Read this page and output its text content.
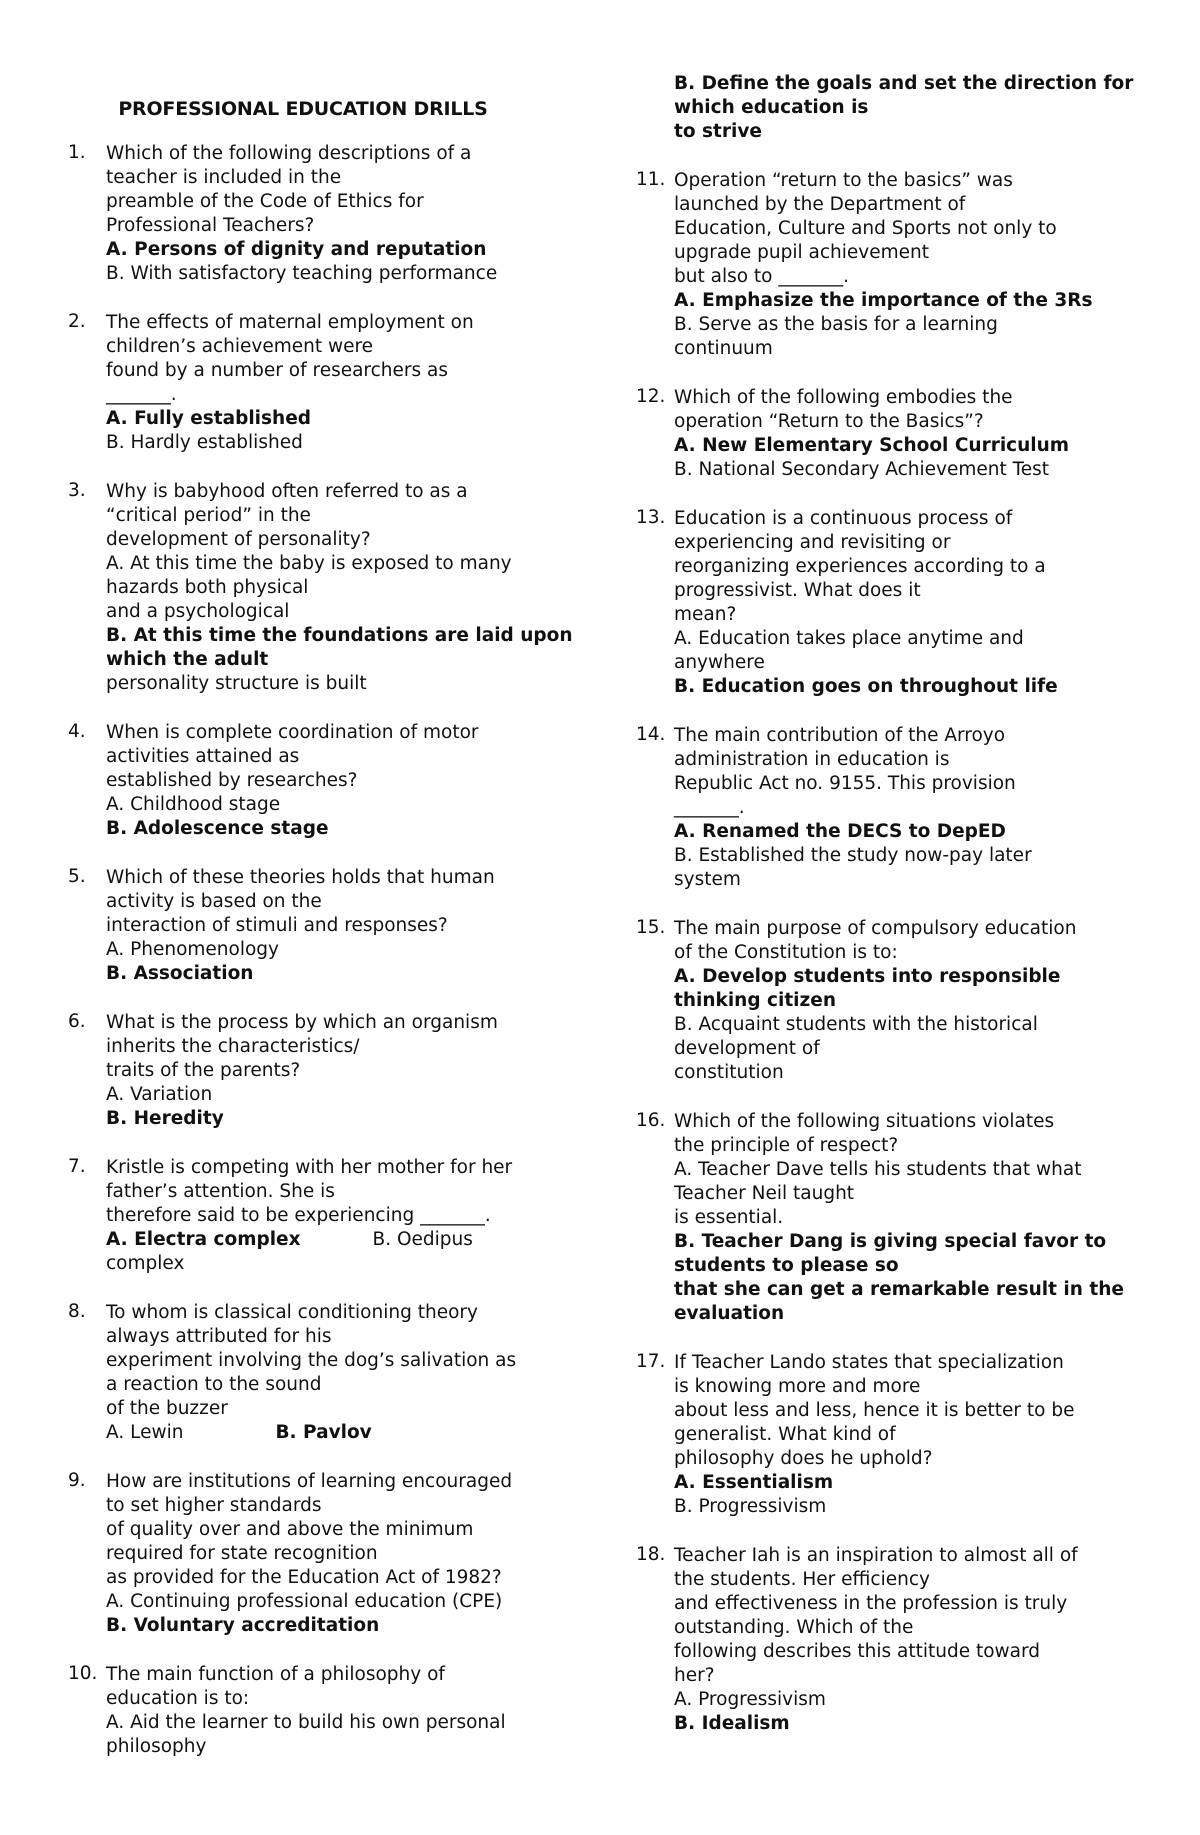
PROFESSIONAL EDUCATION DRILLS
1. Which of the following descriptions of a
teacher is included in the
preamble of the Code of Ethics for
Professional Teachers?
A. Persons of dignity and reputation
B. With satisfactory teaching performance
2. The effects of maternal employment on
children’s achievement were
found by a number of researchers as
_______.
A. Fully established
B. Hardly established
3. Why is babyhood often referred to as a
“critical period” in the
development of personality?
A. At this time the baby is exposed to many
hazards both physical
and a psychological
B. At this time the foundations are laid upon
which the adult
personality structure is built
4. When is complete coordination of motor
activities attained as
established by researches?
A. Childhood stage
B. Adolescence stage
5. Which of these theories holds that human
activity is based on the
interaction of stimuli and responses?
A. Phenomenology
B. Association
6. What is the process by which an organism
inherits the characteristics/
traits of the parents?
A. Variation
B. Heredity
7. Kristle is competing with her mother for her
father’s attention. She is
therefore said to be experiencing _______.
A. Electra complex	B. Oedipus
complex
8. To whom is classical conditioning theory
always attributed for his
experiment involving the dog’s salivation as
a reaction to the sound
of the buzzer
A. Lewin	B. Pavlov
9. How are institutions of learning encouraged
to set higher standards
of quality over and above the minimum
required for state recognition
as provided for the Education Act of 1982?
A. Continuing professional education (CPE)
B. Voluntary accreditation
10. The main function of a philosophy of
education is to:
A. Aid the learner to build his own personal
philosophy
B. Define the goals and set the direction for
which education is
to strive
11. Operation “return to the basics” was
launched by the Department of
Education, Culture and Sports not only to
upgrade pupil achievement
but also to _______.
A. Emphasize the importance of the 3Rs
B. Serve as the basis for a learning
continuum
12. Which of the following embodies the
operation “Return to the Basics”?
A. New Elementary School Curriculum
B. National Secondary Achievement Test
13. Education is a continuous process of
experiencing and revisiting or
reorganizing experiences according to a
progressivist. What does it
mean?
A. Education takes place anytime and
anywhere
B. Education goes on throughout life
14. The main contribution of the Arroyo
administration in education is
Republic Act no. 9155. This provision
_______.
A. Renamed the DECS to DepED
B. Established the study now-pay later
system
15. The main purpose of compulsory education
of the Constitution is to:
A. Develop students into responsible
thinking citizen
B. Acquaint students with the historical
development of
constitution
16. Which of the following situations violates
the principle of respect?
A. Teacher Dave tells his students that what
Teacher Neil taught
is essential.
B. Teacher Dang is giving special favor to
students to please so
that she can get a remarkable result in the
evaluation
17. If Teacher Lando states that specialization
is knowing more and more
about less and less, hence it is better to be
generalist. What kind of
philosophy does he uphold?
A. Essentialism
B. Progressivism
18. Teacher Iah is an inspiration to almost all of
the students. Her efficiency
and effectiveness in the profession is truly
outstanding. Which of the
following describes this attitude toward
her?
A. Progressivism
B. Idealism
